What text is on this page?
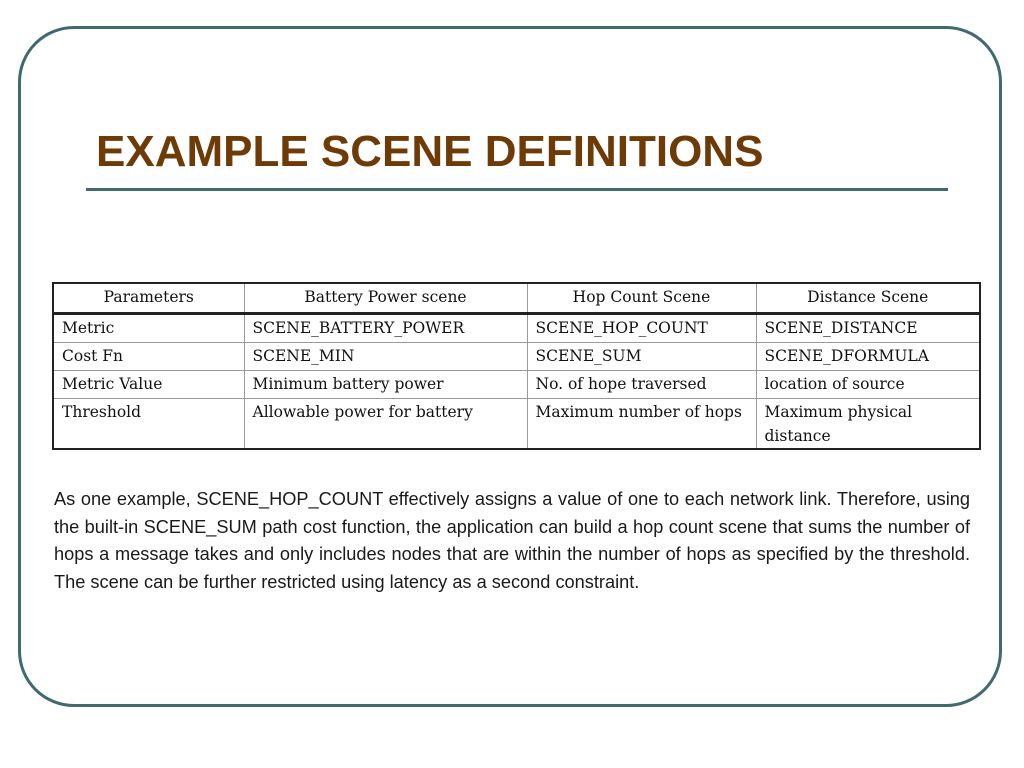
EXAMPLE SCENE DEFINITIONS
Parameters	Battery Power scene	Hop Count Scene	Distance Scene
Metric	SCENE_BATTERY_POWER	SCENE_HOP_COUNT	SCENE_DISTANCE
Cost Fn	SCENE_MIN	SCENE_SUM	SCENE_DFORMULA
Metric Value	Minimum battery power	No. of hope traversed	location of source
Threshold	Allowable power for battery	Maximum number of hops	Maximum physical distance

As one example, SCENE_HOP_COUNT effectively assigns a value of one to each network link. Therefore, using the built-in SCENE_SUM path cost function, the application can build a hop count scene that sums the number of hops a message takes and only includes nodes that are within the number of hops as specified by the threshold. The scene can be further restricted using latency as a second constraint.
